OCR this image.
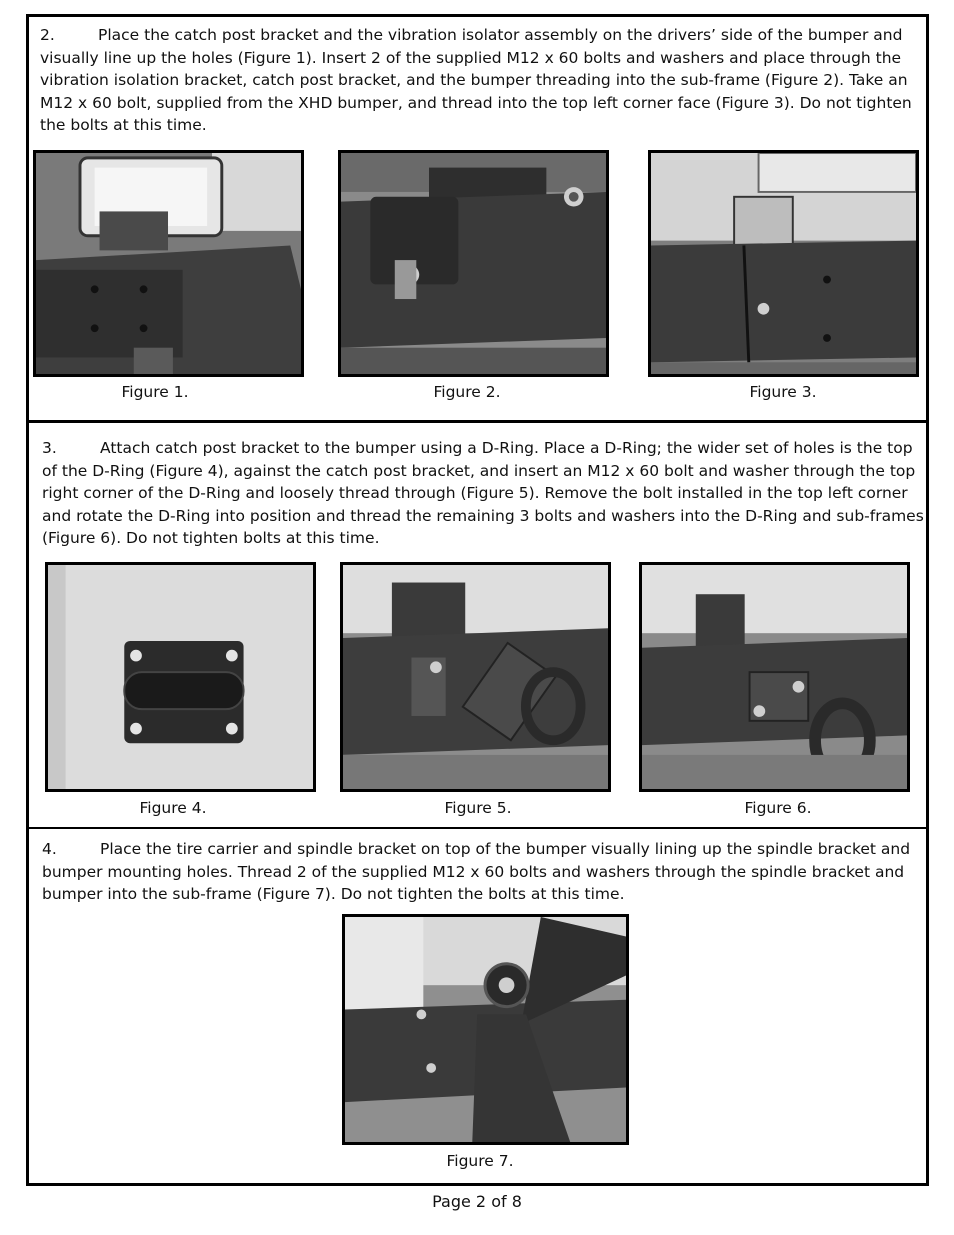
2.	Place the catch post bracket and the vibration isolator assembly on the drivers’ side of the bumper and visually line up the holes (Figure 1). Insert 2 of the supplied M12 x 60 bolts and washers and place through the vibration isolation bracket, catch post bracket, and the bumper threading into the sub-frame (Figure 2). Take an M12 x 60 bolt, supplied from the XHD bumper, and thread into the top left corner face (Figure 3). Do not tighten the bolts at this time.
Figure 1.	Figure 2.	Figure 3.
3.	Attach catch post bracket to the bumper using a D-Ring. Place a D-Ring; the wider set of holes is the top of the D-Ring (Figure 4), against the catch post bracket, and insert an M12 x 60 bolt and washer through the top right corner of the D-Ring and loosely thread through (Figure 5). Remove the bolt installed in the top left corner and rotate the D-Ring into position and thread the remaining 3 bolts and washers into the D-Ring and sub-frames (Figure 6). Do not tighten bolts at this time.
Figure 4.	Figure 5.	Figure 6.
4.	Place the tire carrier and spindle bracket on top of the bumper visually lining up the spindle bracket and bumper mounting holes. Thread 2 of the supplied M12 x 60 bolts and washers through the spindle bracket and bumper into the sub-frame (Figure 7). Do not tighten the bolts at this time.
Figure 7.
Page 2 of 8
